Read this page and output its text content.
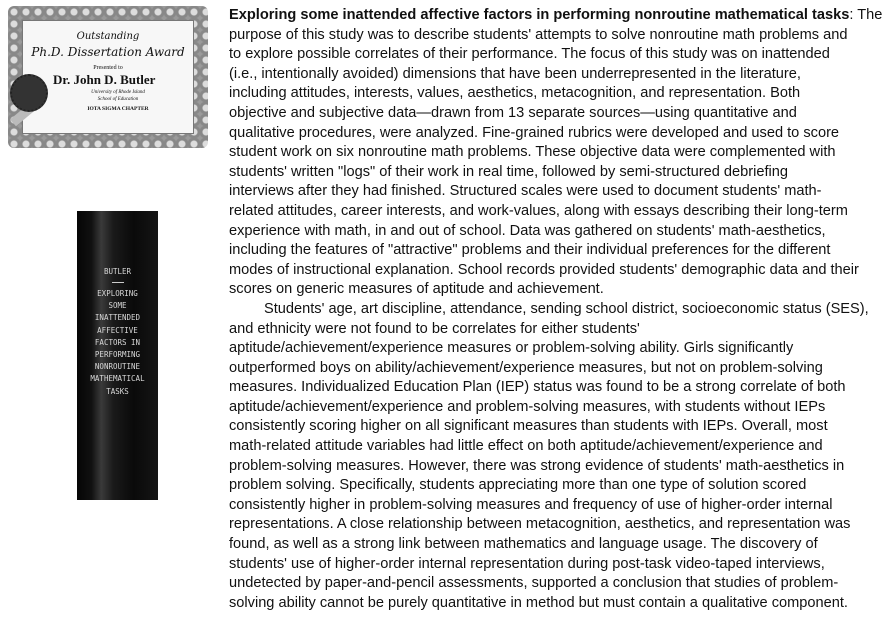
Outstanding
Ph.D. Dissertation Award
Presented to
Dr. John D. Butler
University of Rhode Island
School of Education
IOTA SIGMA CHAPTER
BUTLER
EXPLORING
SOME
INATTENDED
AFFECTIVE
FACTORS IN
PERFORMING
NONROUTINE
MATHEMATICAL
TASKS
Exploring some inattended affective factors in performing nonroutine mathematical tasks: The
purpose of this study was to describe students' attempts to solve nonroutine math problems and
to explore possible correlates of their performance. The focus of this study was on inattended
(i.e., intentionally avoided) dimensions that have been underrepresented in the literature,
including attitudes, interests, values, aesthetics, metacognition, and representation. Both
objective and subjective data—drawn from 13 separate sources—using quantitative and
qualitative procedures, were analyzed. Fine-grained rubrics were developed and used to score
student work on six nonroutine math problems. These objective data were complemented with
students' written "logs" of their work in real time, followed by semi-structured debriefing
interviews after they had finished. Structured scales were used to document students' math-
related attitudes, career interests, and work-values, along with essays describing their long-term
experience with math, in and out of school. Data was gathered on students' math-aesthetics,
including the features of "attractive" problems and their individual preferences for the different
modes of instructional explanation. School records provided students' demographic data and their
scores on generic measures of aptitude and achievement.
Students' age, art discipline, attendance, sending school district, socioeconomic status (SES),
and ethnicity were not found to be correlates for either students'
aptitude/achievement/experience measures or problem-solving ability. Girls significantly
outperformed boys on ability/achievement/experience measures, but not on problem-solving
measures. Individualized Education Plan (IEP) status was found to be a strong correlate of both
aptitude/achievement/experience and problem-solving measures, with students without IEPs
consistently scoring higher on all significant measures than students with IEPs. Overall, most
math-related attitude variables had little effect on both aptitude/achievement/experience and
problem-solving measures. However, there was strong evidence of students' math-aesthetics in
problem solving. Specifically, students appreciating more than one type of solution scored
consistently higher in problem-solving measures and frequency of use of higher-order internal
representations. A close relationship between metacognition, aesthetics, and representation was
found, as well as a strong link between mathematics and language usage. The discovery of
students' use of higher-order internal representation during post-task video-taped interviews,
undetected by paper-and-pencil assessments, supported a conclusion that studies of problem-
solving ability cannot be purely quantitative in method but must contain a qualitative component.
